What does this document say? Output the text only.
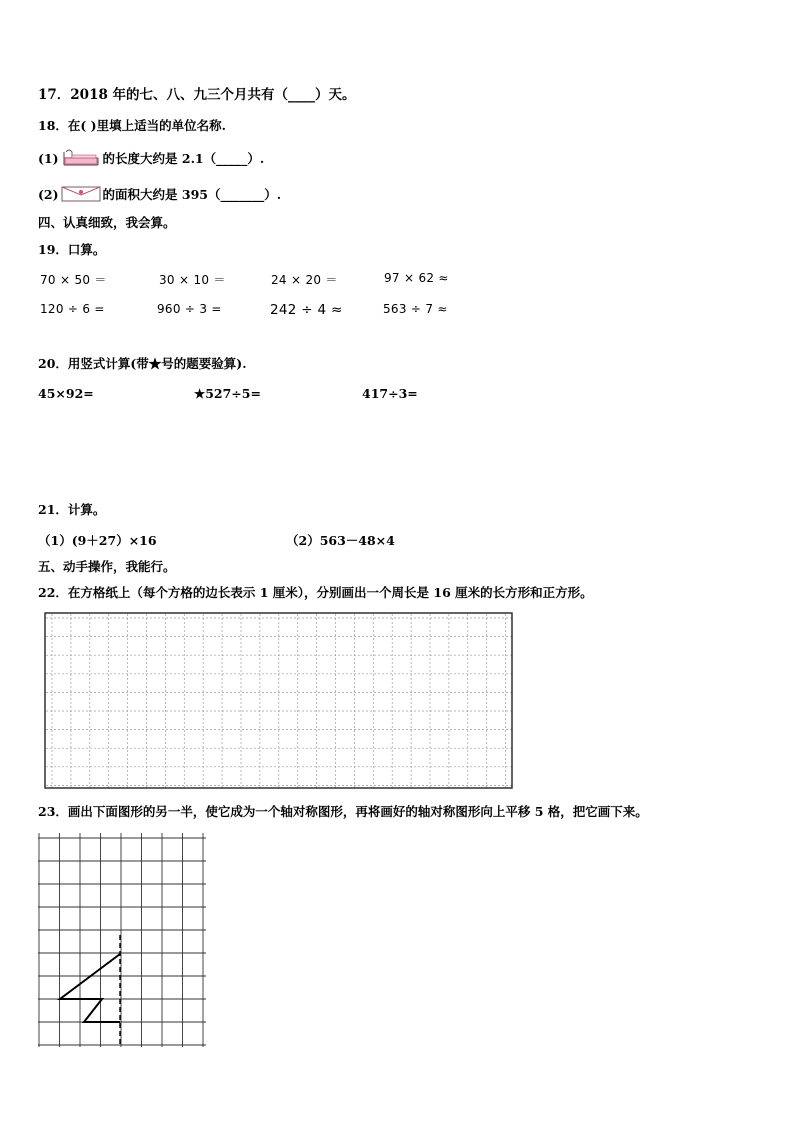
17．2018 年的七、八、九三个月共有（____）天。
18．在( )里填上适当的单位名称.
(1)	的长度大约是 2.1（_____）.
(2)	的面积大约是 395（_______）.
四、认真细致，我会算。
19．口算。
70 × 50 ＝	30 × 10 ＝	24 × 20 ＝	97 × 62 ≈
120 ÷ 6 =	960 ÷ 3 =	242 ÷ 4 ≈	563 ÷ 7 ≈
20．用竖式计算(带★号的题要验算).
45×92=	★527÷5=	417÷3=
21．计算。
（1）(9＋27）×16	（2）563－48×4
五、动手操作，我能行。
22．在方格纸上（每个方格的边长表示 1 厘米），分别画出一个周长是 16 厘米的长方形和正方形。
23．画出下面图形的另一半，使它成为一个轴对称图形，再将画好的轴对称图形向上平移 5 格，把它画下来。
